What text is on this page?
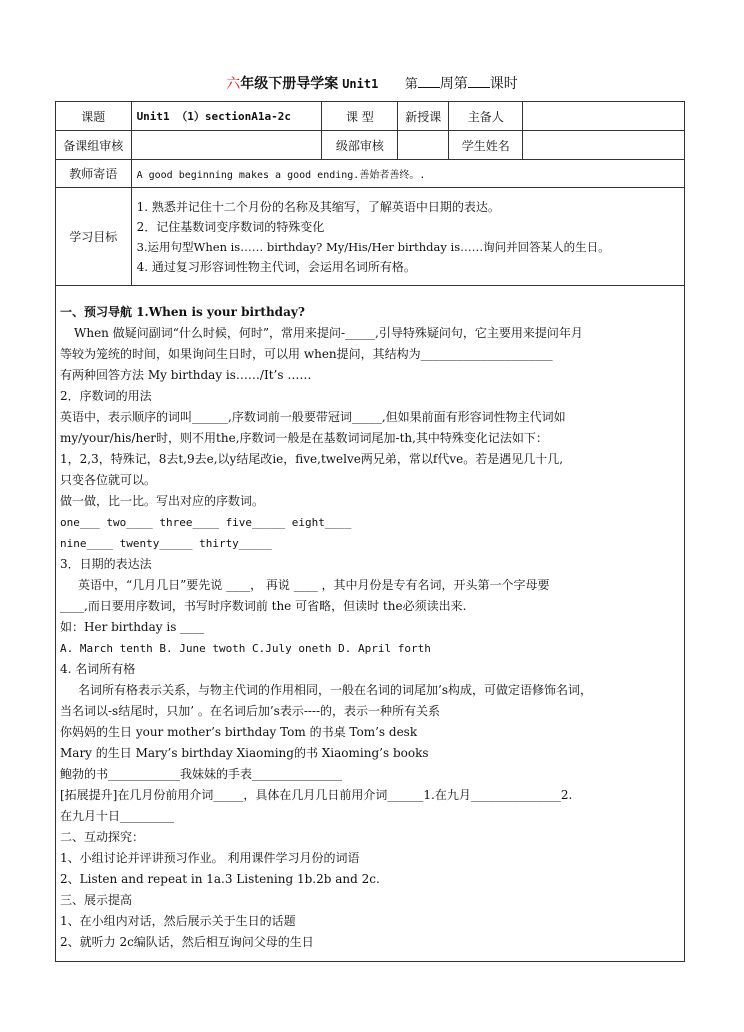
六年级下册导学案 Unit1 第 周第 课时
课题	Unit1 （1）sectionA1a-2c	课 型	新授课	主备人	
备课组审核		级部审核		学生姓名	
教师寄语	A good beginning makes a good ending.善始者善终。.				
学习目标	1. 熟悉并记住十二个月份的名称及其缩写，了解英语中日期的表达。
2．记住基数词变序数词的特殊变化
3.运用句型When is…… birthday? My/His/Her birthday is……询问并回答某人的生日。
4. 通过复习形容词性物主代词，会运用名词所有格。				
一、预习导航 1.When is your birthday?
When 做疑问副词“什么时候，何时”，常用来提问-_____,引导特殊疑问句，它主要用来提问年月
等较为笼统的时间，如果询问生日时，可以用 when提问，其结构为______________________
有两种回答方法 My birthday is……/It’s ……
2．序数词的用法
英语中，表示顺序的词叫______,序数词前一般要带冠词_____,但如果前面有形容词性物主代词如
my/your/his/her时，则不用the,序数词一般是在基数词词尾加-th,其中特殊变化记法如下：
1，2,3，特殊记，8去t,9去e,以y结尾改ie，five,twelve两兄弟，常以f代ve。若是遇见几十几,
只变各位就可以。
做一做，比一比。写出对应的序数词。
one___ two____ three____ five_____ eight____
nine____ twenty_____ thirty_____
3．日期的表达法
英语中，“几月几日”要先说 ____， 再说 ____ ，其中月份是专有名词，开头第一个字母要
____,而日要用序数词，书写时序数词前 the 可省略，但读时 the必须读出来.
如：Her birthday is ____
A. March tenth B. June twoth C.July oneth D. April forth
4. 名词所有格
名词所有格表示关系，与物主代词的作用相同，一般在名词的词尾加’s构成，可做定语修饰名词，
当名词以-s结尾时，只加’ 。在名词后加’s表示----的，表示一种所有关系
你妈妈的生日 your mother’s birthday Tom 的书桌 Tom’s desk
Mary 的生日 Mary’s birthday Xiaoming的书 Xiaoming’s books
鲍勃的书____________我妹妹的手表_______________
[拓展提升]在几月份前用介词_____，具体在几月几日前用介词______1.在九月_______________2.
在九月十日_________
二、互动探究：
1、小组讨论并评讲预习作业。 利用课件学习月份的词语
2、Listen and repeat in 1a.3 Listening 1b.2b and 2c.
三、展示提高
1、在小组内对话，然后展示关于生日的话题
2、就听力 2c编队话，然后相互询问父母的生日
